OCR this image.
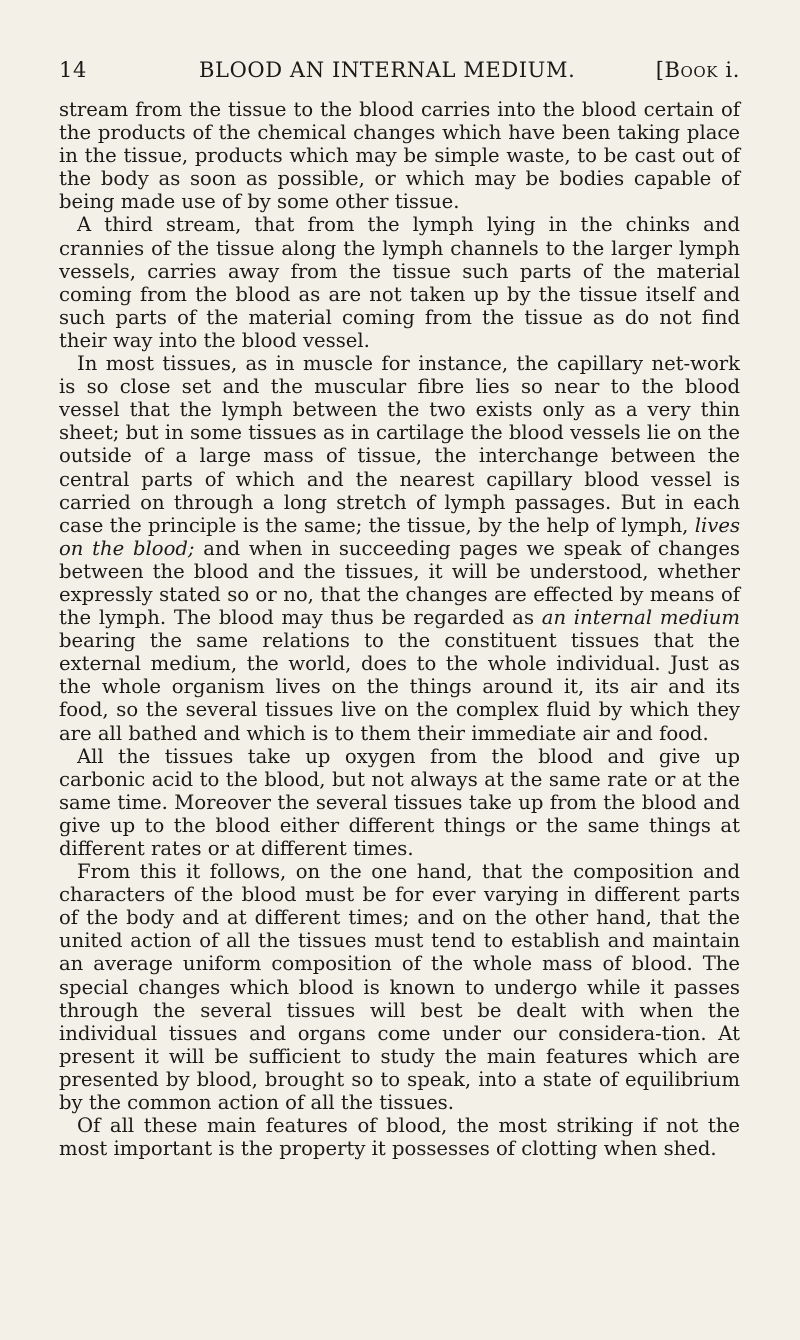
14	BLOOD AN INTERNAL MEDIUM.	[Book i.

stream from the tissue to the blood carries into the blood certain of the products of the chemical changes which have been taking place in the tissue, products which may be simple waste, to be cast out of the body as soon as possible, or which may be bodies capable of being made use of by some other tissue.

A third stream, that from the lymph lying in the chinks and crannies of the tissue along the lymph channels to the larger lymph vessels, carries away from the tissue such parts of the material coming from the blood as are not taken up by the tissue itself and such parts of the material coming from the tissue as do not find their way into the blood vessel.

In most tissues, as in muscle for instance, the capillary net-work is so close set and the muscular fibre lies so near to the blood vessel that the lymph between the two exists only as a very thin sheet; but in some tissues as in cartilage the blood vessels lie on the outside of a large mass of tissue, the interchange between the central parts of which and the nearest capillary blood vessel is carried on through a long stretch of lymph passages. But in each case the principle is the same; the tissue, by the help of lymph, lives on the blood; and when in succeeding pages we speak of changes between the blood and the tissues, it will be understood, whether expressly stated so or no, that the changes are effected by means of the lymph. The blood may thus be regarded as an internal medium bearing the same relations to the constituent tissues that the external medium, the world, does to the whole individual. Just as the whole organism lives on the things around it, its air and its food, so the several tissues live on the complex fluid by which they are all bathed and which is to them their immediate air and food.

All the tissues take up oxygen from the blood and give up carbonic acid to the blood, but not always at the same rate or at the same time. Moreover the several tissues take up from the blood and give up to the blood either different things or the same things at different rates or at different times.

From this it follows, on the one hand, that the composition and characters of the blood must be for ever varying in different parts of the body and at different times; and on the other hand, that the united action of all the tissues must tend to establish and maintain an average uniform composition of the whole mass of blood. The special changes which blood is known to undergo while it passes through the several tissues will best be dealt with when the individual tissues and organs come under our considera-tion. At present it will be sufficient to study the main features which are presented by blood, brought so to speak, into a state of equilibrium by the common action of all the tissues.

Of all these main features of blood, the most striking if not the most important is the property it possesses of clotting when shed.
